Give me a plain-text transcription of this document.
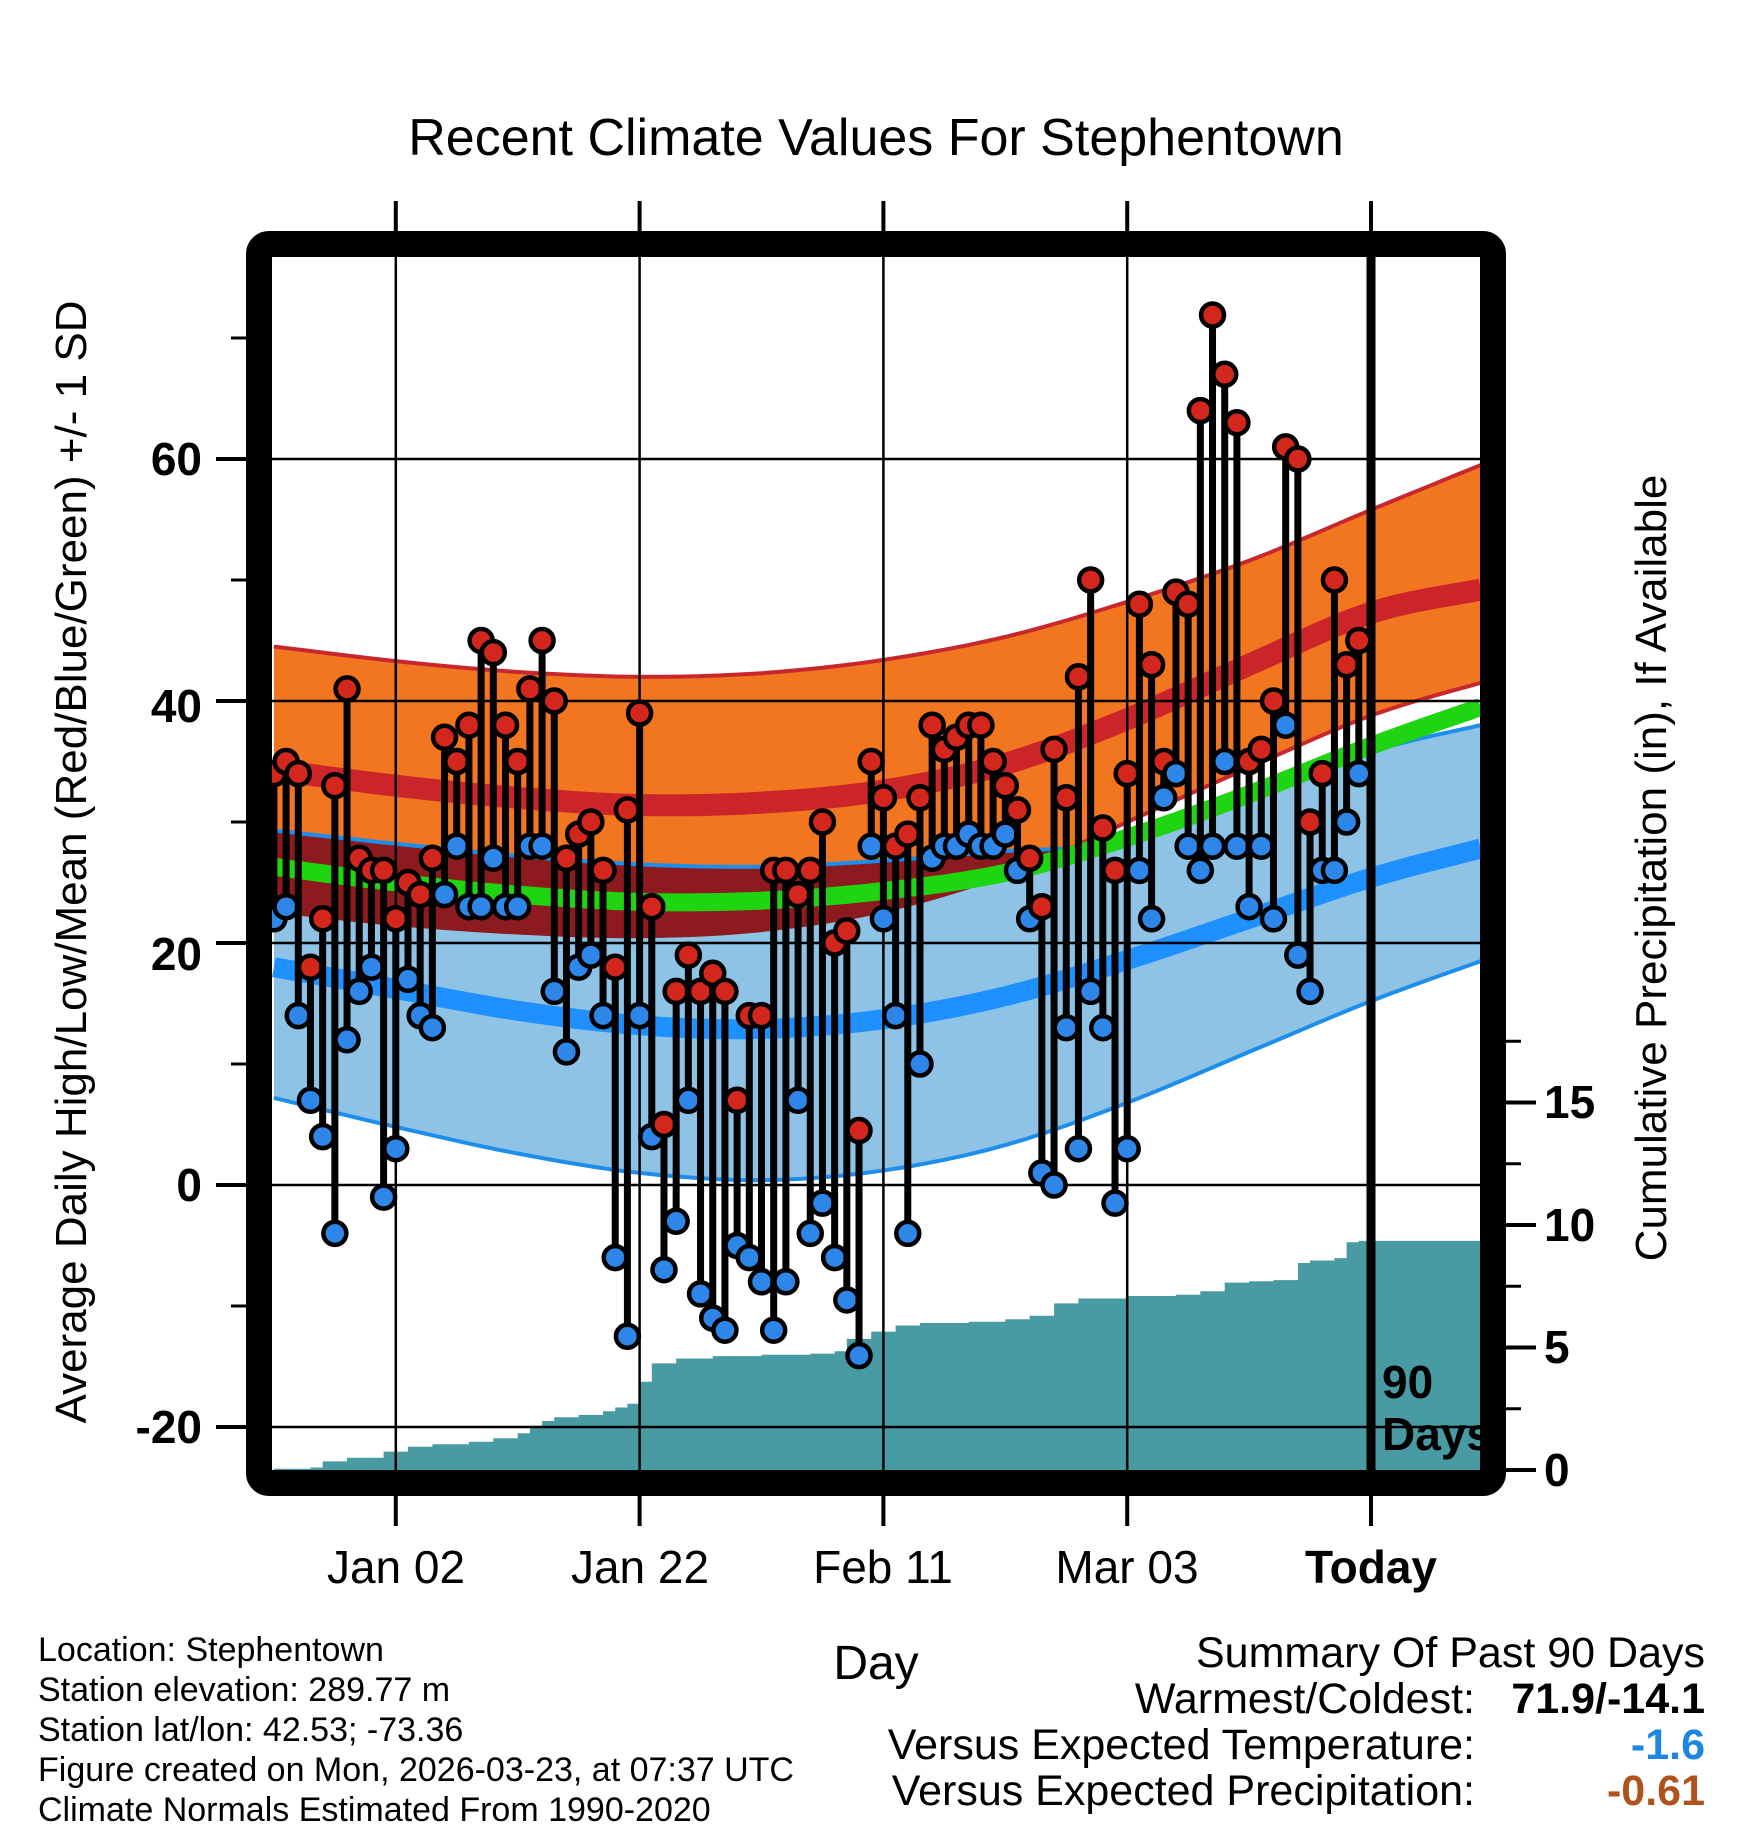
Recent Climate Values For Stephentown
Average Daily High/Low/Mean (Red/Blue/Green) +/- 1 SD	Cumulative Precipitation (in), If Available
Day
60
40
20
0
-20
15
10
5
0
Jan 02	Jan 22	Feb 11	Mar 03	Today
90
Days
Location: Stephentown
Station elevation: 289.77 m
Station lat/lon: 42.53; -73.36
Figure created on Mon, 2026-03-23, at 07:37 UTC
Climate Normals Estimated From 1990-2020
Summary Of Past 90 Days
Warmest/Coldest: 71.9/-14.1
Versus Expected Temperature:	-1.6
Versus Expected Precipitation:	-0.61
